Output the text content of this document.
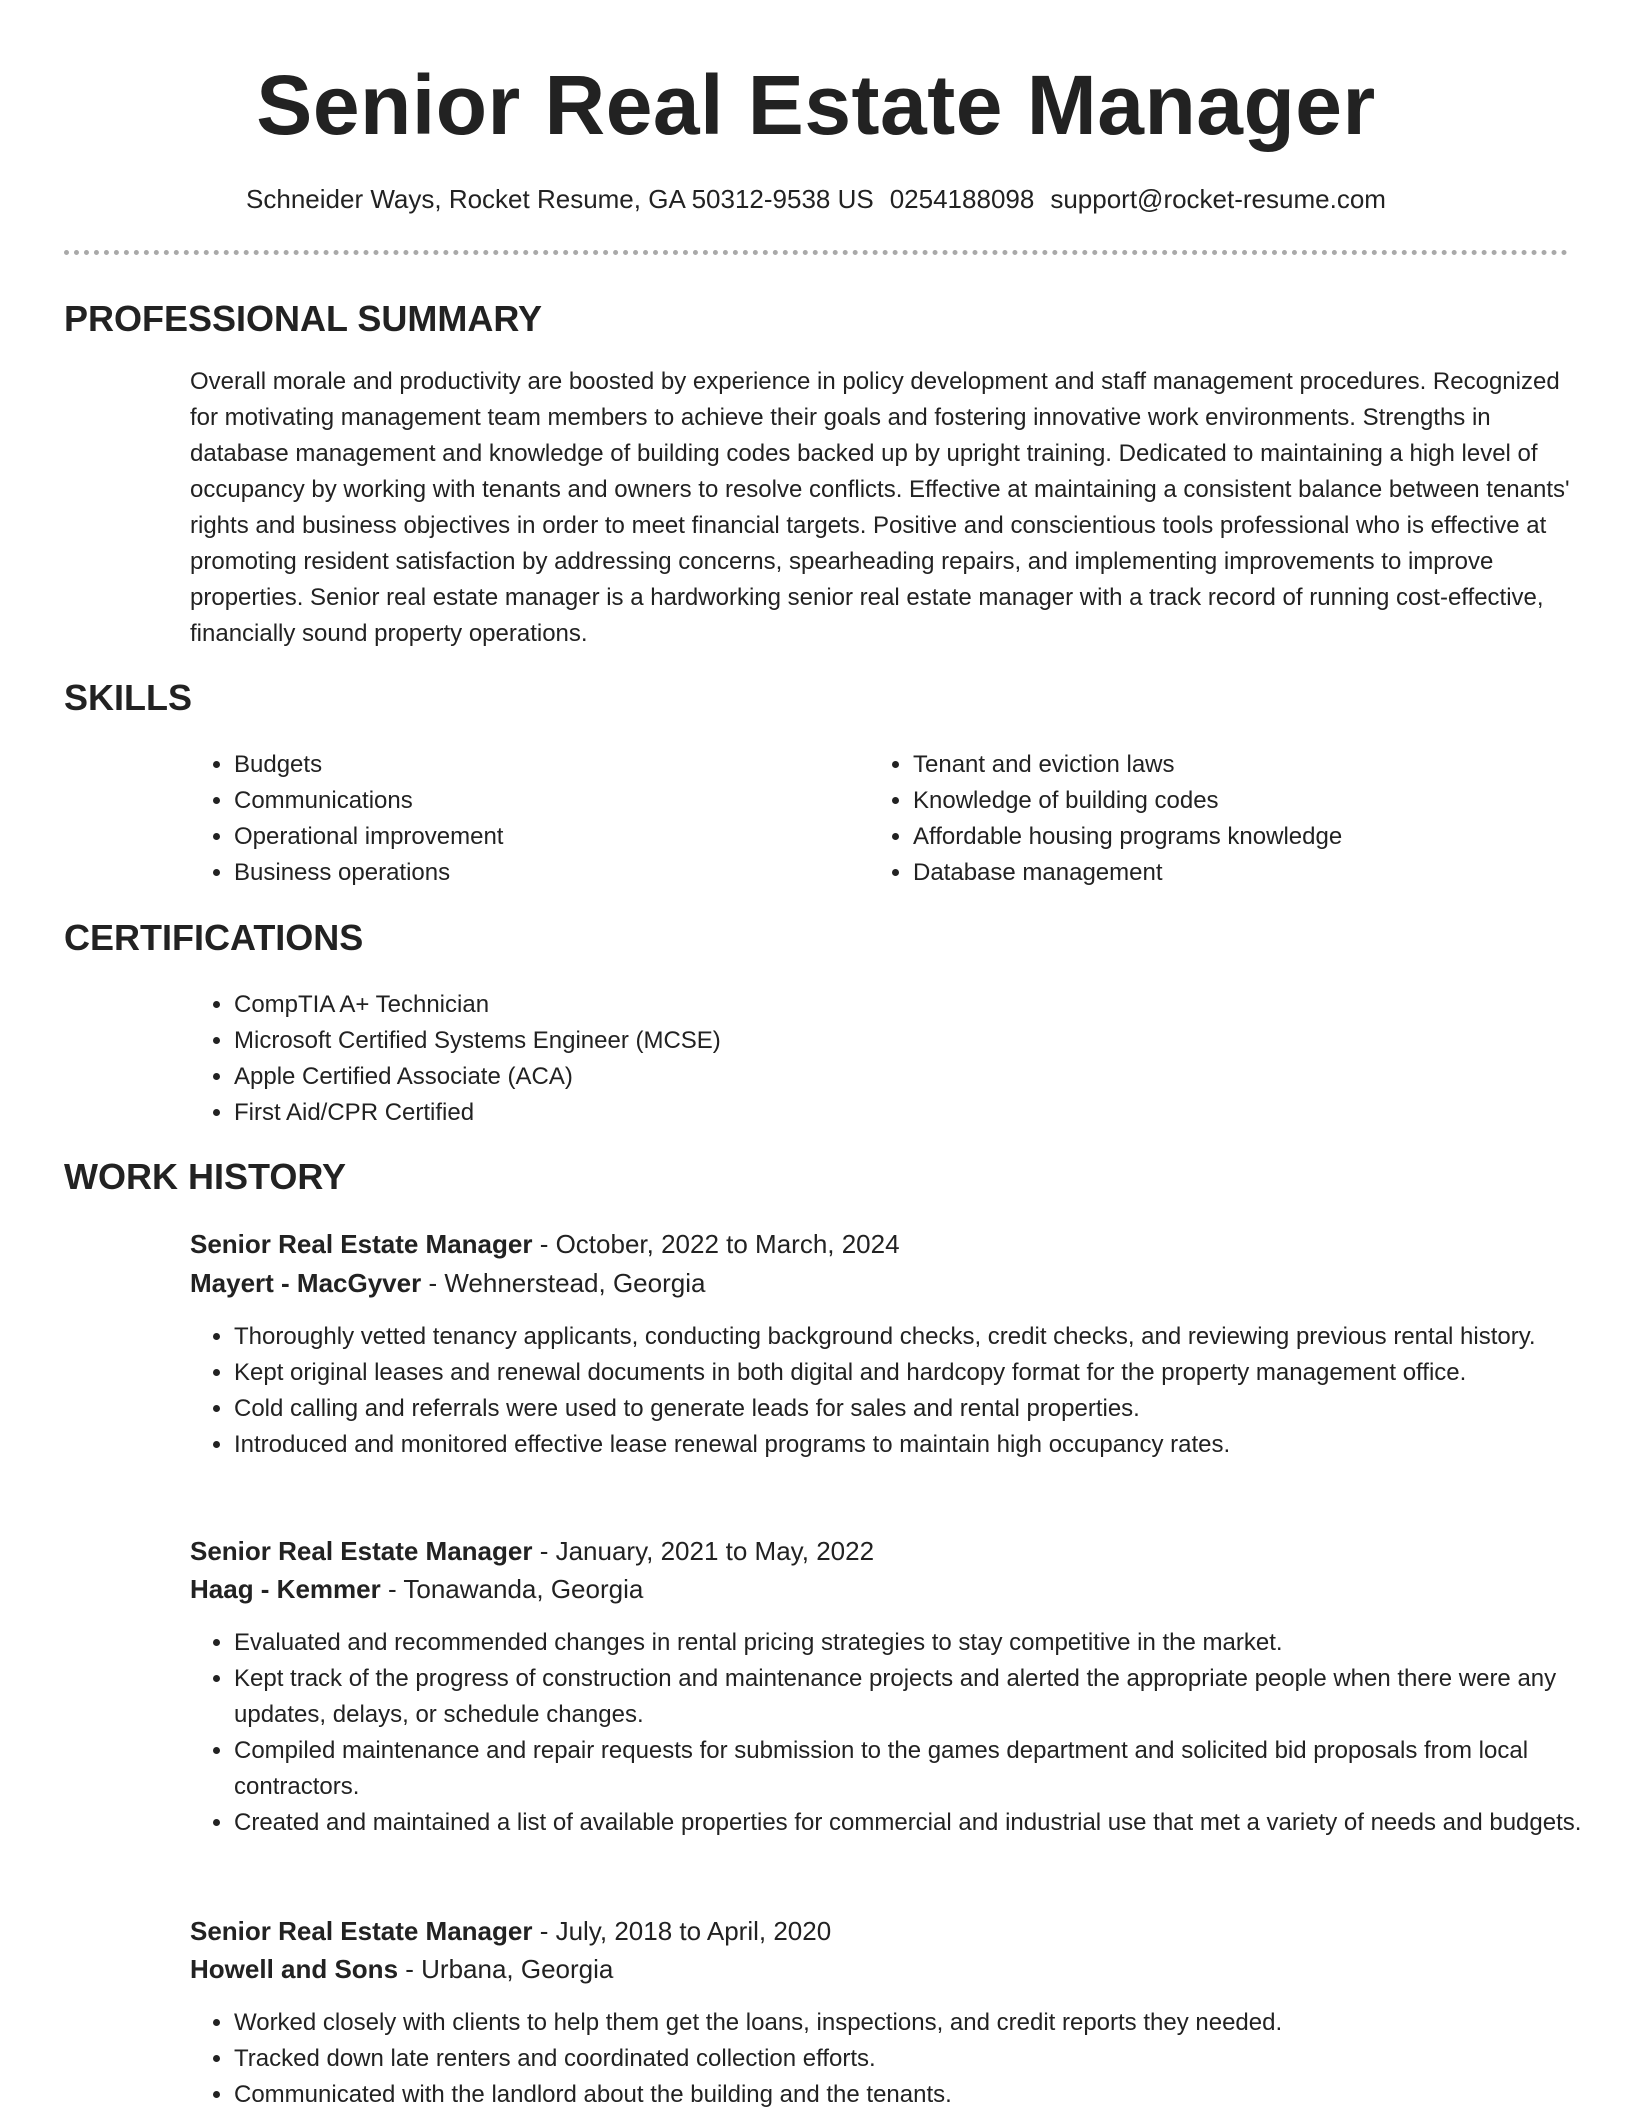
Senior Real Estate Manager
Schneider Ways, Rocket Resume, GA 50312-9538 US 0254188098 support@rocket-resume.com
PROFESSIONAL SUMMARY

Overall morale and productivity are boosted by experience in policy development and staff management procedures. Recognized for motivating management team members to achieve their goals and fostering innovative work environments. Strengths in database management and knowledge of building codes backed up by upright training. Dedicated to maintaining a high level of occupancy by working with tenants and owners to resolve conflicts. Effective at maintaining a consistent balance between tenants' rights and business objectives in order to meet financial targets. Positive and conscientious tools professional who is effective at promoting resident satisfaction by addressing concerns, spearheading repairs, and implementing improvements to improve properties. Senior real estate manager is a hardworking senior real estate manager with a track record of running cost-effective, financially sound property operations.

SKILLS
• Budgets
• Communications
• Operational improvement
• Business operations
• Tenant and eviction laws
• Knowledge of building codes
• Affordable housing programs knowledge
• Database management
CERTIFICATIONS
• CompTIA A+ Technician
• Microsoft Certified Systems Engineer (MCSE)
• Apple Certified Associate (ACA)
• First Aid/CPR Certified
WORK HISTORY

Senior Real Estate Manager - October, 2022 to March, 2024

Mayert - MacGyver - Wehnerstead, Georgia

• Thoroughly vetted tenancy applicants, conducting background checks, credit checks, and reviewing previous rental history.
• Kept original leases and renewal documents in both digital and hardcopy format for the property management office.
• Cold calling and referrals were used to generate leads for sales and rental properties.
• Introduced and monitored effective lease renewal programs to maintain high occupancy rates.

Senior Real Estate Manager - January, 2021 to May, 2022

Haag - Kemmer - Tonawanda, Georgia

• Evaluated and recommended changes in rental pricing strategies to stay competitive in the market.
• Kept track of the progress of construction and maintenance projects and alerted the appropriate people when there were any updates, delays, or schedule changes.
• Compiled maintenance and repair requests for submission to the games department and solicited bid proposals from local contractors.
• Created and maintained a list of available properties for commercial and industrial use that met a variety of needs and budgets.

Senior Real Estate Manager - July, 2018 to April, 2020

Howell and Sons - Urbana, Georgia

• Worked closely with clients to help them get the loans, inspections, and credit reports they needed.
• Tracked down late renters and coordinated collection efforts.
• Communicated with the landlord about the building and the tenants.
